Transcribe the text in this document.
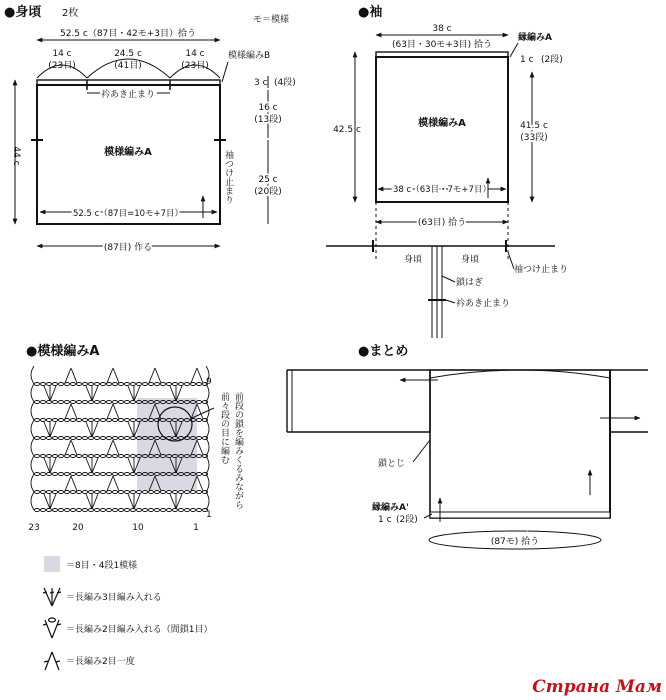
●身頃 2枚
モ＝模様
52.5 c（87目・42モ+3目）拾う
14 c
(23目)
24.5 c
(41目)
14 c
(23目)
模様編みB
衿あき止まり
模様編みA
44 c
3 c (4段)
16 c
(13段)
25 c
(20段)
袖つけ止まり
52.5 c（87目=10モ+7目）
(87目) 作る
●袖
38 c
(63目・30モ+3目) 拾う
縁編みA
1 c (2段)
模様編みA
42.5 c	41.5 c
(33段)
38 c（63目・7モ+7目）
(63目) 拾う
身頃	身頃
鎖はぎ
衿あき止まり
袖つけ止まり
●模様編みA
前段の鎖を編みくるみながら
前々段の目に編む
9
1
23	20	10	1
＝8目・4段1模様
＝長編み3目編み入れる
＝長編み2目編み入れる（間鎖1目）
＝長編み2目一度
●まとめ
鎖とじ
縁編みA'
1 c (2段)
(87モ) 拾う
Страна Мам
